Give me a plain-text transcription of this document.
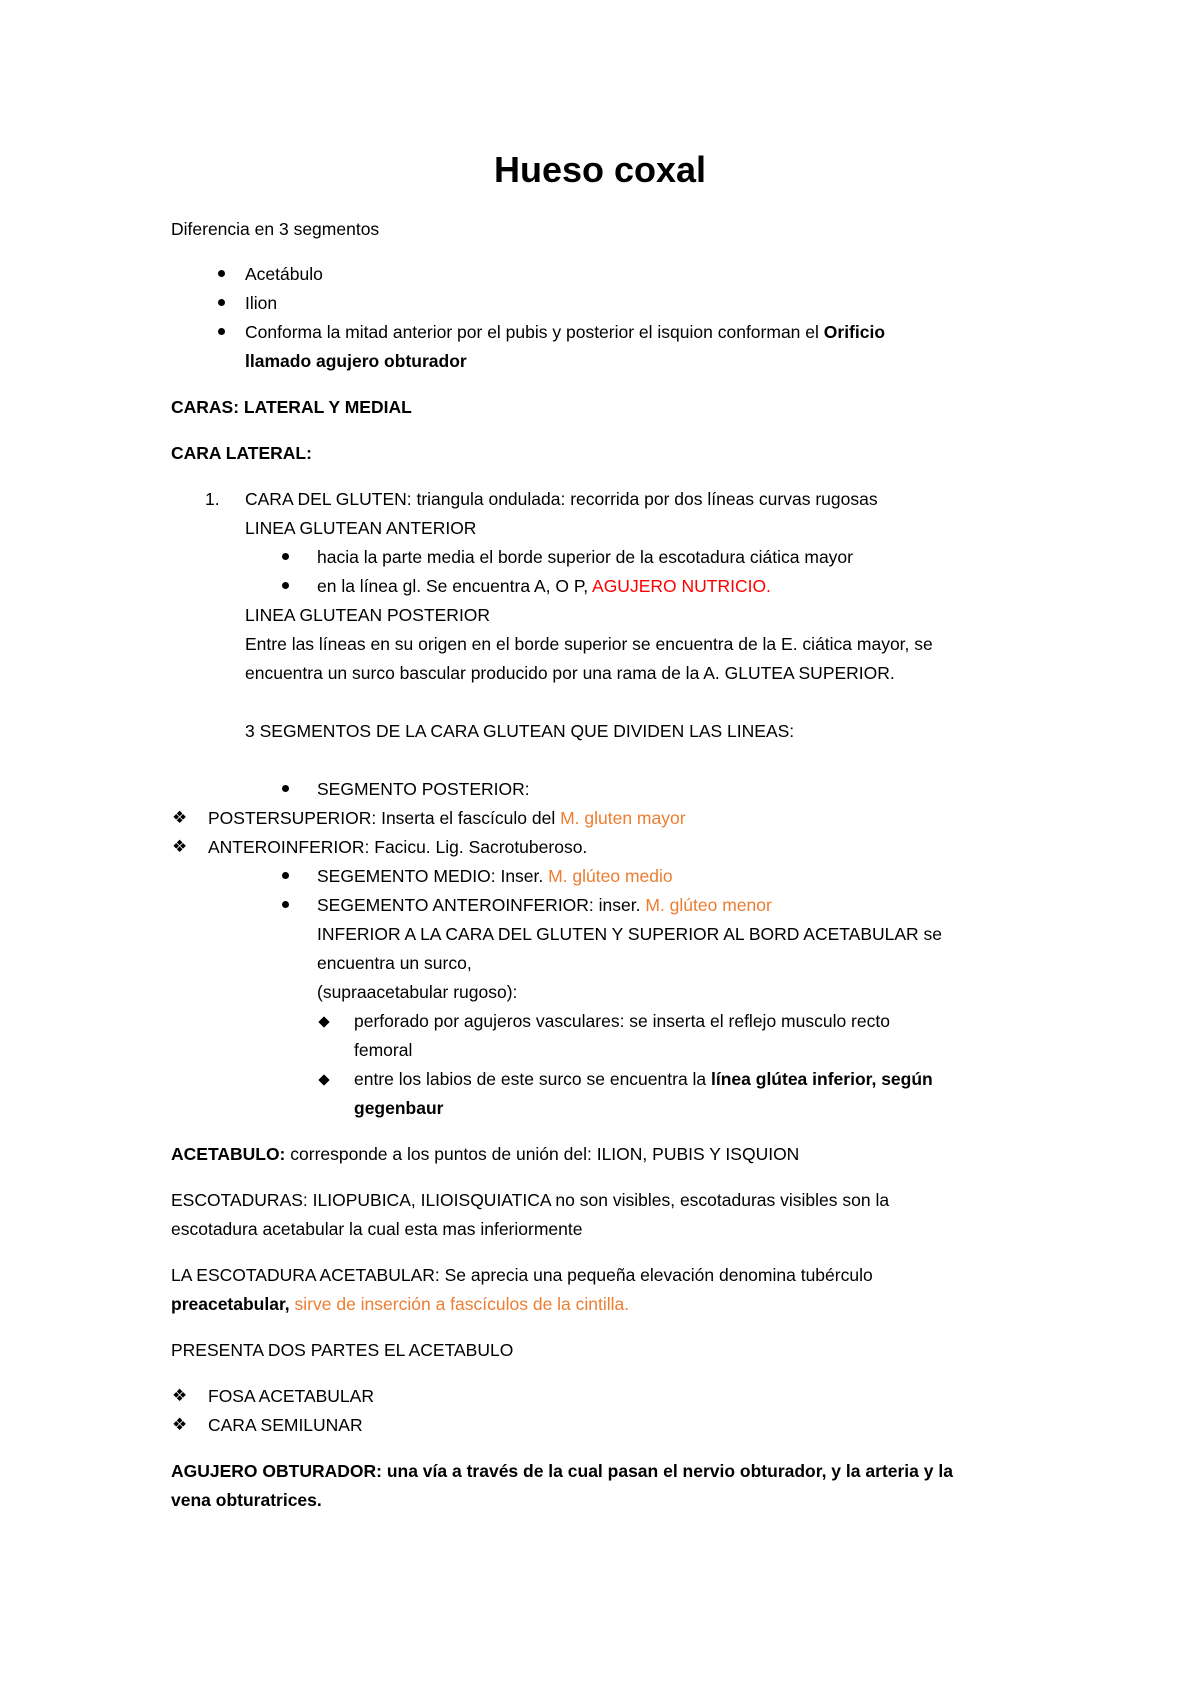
Hueso coxal

Diferencia en 3 segmentos

Acetábulo

Ilion

Conforma la mitad anterior por el pubis y posterior el isquion conforman el Orificio

llamado agujero obturador

CARAS: LATERAL Y MEDIAL

CARA LATERAL:

1. CARA DEL GLUTEN: triangula ondulada: recorrida por dos líneas curvas rugosas

LINEA GLUTEAN ANTERIOR

hacia la parte media el borde superior de la escotadura ciática mayor

en la línea gl. Se encuentra A, O P, AGUJERO NUTRICIO.

LINEA GLUTEAN POSTERIOR

Entre las líneas en su origen en el borde superior se encuentra de la E. ciática mayor, se

encuentra un surco bascular producido por una rama de la A. GLUTEA SUPERIOR.

3 SEGMENTOS DE LA CARA GLUTEAN QUE DIVIDEN LAS LINEAS:

SEGMENTO POSTERIOR:

❖ POSTERSUPERIOR: Inserta el fascículo del M. gluten mayor

❖ ANTEROINFERIOR: Facicu. Lig. Sacrotuberoso.

SEGEMENTO MEDIO: Inser. M. glúteo medio

SEGEMENTO ANTEROINFERIOR: inser. M. glúteo menor

INFERIOR A LA CARA DEL GLUTEN Y SUPERIOR AL BORD ACETABULAR se

encuentra un surco,

(supraacetabular rugoso):

perforado por agujeros vasculares: se inserta el reflejo musculo recto

femoral

entre los labios de este surco se encuentra la línea glútea inferior, según

gegenbaur

ACETABULO: corresponde a los puntos de unión del: ILION, PUBIS Y ISQUION

ESCOTADURAS: ILIOPUBICA, ILIOISQUIATICA no son visibles, escotaduras visibles son la

escotadura acetabular la cual esta mas inferiormente

LA ESCOTADURA ACETABULAR: Se aprecia una pequeña elevación denomina tubérculo

preacetabular, sirve de inserción a fascículos de la cintilla.

PRESENTA DOS PARTES EL ACETABULO

❖ FOSA ACETABULAR

❖ CARA SEMILUNAR

AGUJERO OBTURADOR: una vía a través de la cual pasan el nervio obturador, y la arteria y la

vena obturatrices.
